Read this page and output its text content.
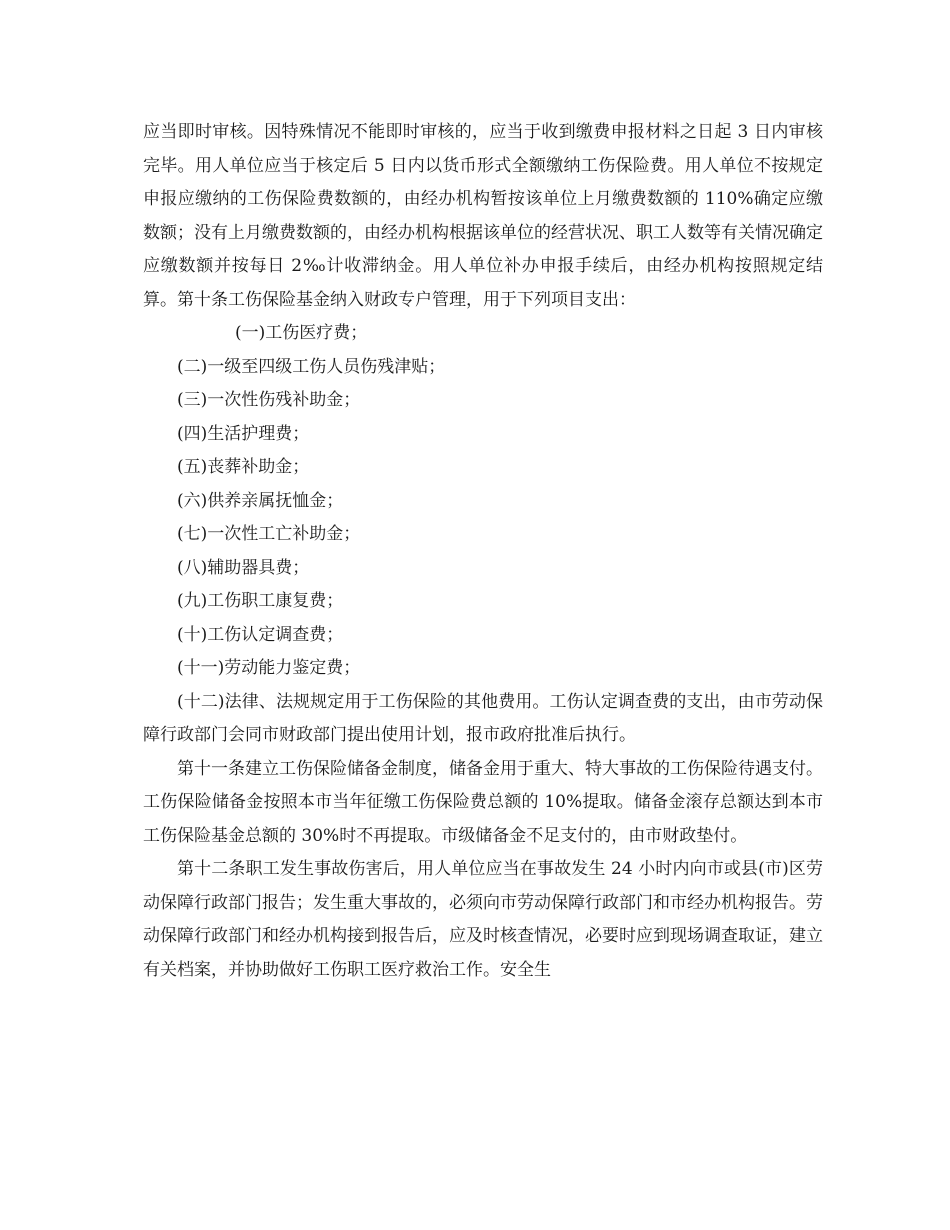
应当即时审核。因特殊情况不能即时审核的，应当于收到缴费申报材料之日起 3 日内审核完毕。用人单位应当于核定后 5 日内以货币形式全额缴纳工伤保险费。用人单位不按规定申报应缴纳的工伤保险费数额的，由经办机构暂按该单位上月缴费数额的 110%确定应缴数额；没有上月缴费数额的，由经办机构根据该单位的经营状况、职工人数等有关情况确定应缴数额并按每日 2‰计收滞纳金。用人单位补办申报手续后，由经办机构按照规定结算。第十条工伤保险基金纳入财政专户管理，用于下列项目支出：

(一)工伤医疗费；

(二)一级至四级工伤人员伤残津贴；

(三)一次性伤残补助金；

(四)生活护理费；

(五)丧葬补助金；

(六)供养亲属抚恤金；

(七)一次性工亡补助金；

(八)辅助器具费；

(九)工伤职工康复费；

(十)工伤认定调查费；

(十一)劳动能力鉴定费；

(十二)法律、法规规定用于工伤保险的其他费用。工伤认定调查费的支出，由市劳动保障行政部门会同市财政部门提出使用计划，报市政府批准后执行。

第十一条建立工伤保险储备金制度，储备金用于重大、特大事故的工伤保险待遇支付。工伤保险储备金按照本市当年征缴工伤保险费总额的 10%提取。储备金滚存总额达到本市工伤保险基金总额的 30%时不再提取。市级储备金不足支付的，由市财政垫付。

第十二条职工发生事故伤害后，用人单位应当在事故发生 24 小时内向市或县(市)区劳动保障行政部门报告；发生重大事故的，必须向市劳动保障行政部门和市经办机构报告。劳动保障行政部门和经办机构接到报告后，应及时核查情况，必要时应到现场调查取证，建立有关档案，并协助做好工伤职工医疗救治工作。安全生
